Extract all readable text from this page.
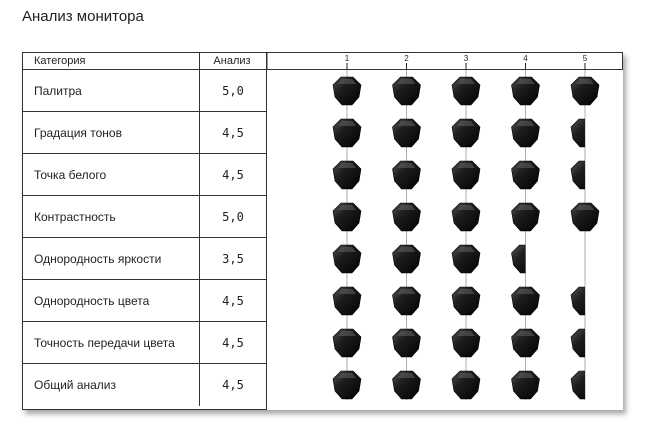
Анализ монитора
Категория	Анализ
Палитра	5,0
Градация тонов	4,5
Точка белого	4,5
Контрастность	5,0
Однородность яркости	3,5
Однородность цвета	4,5
Точность передачи цвета	4,5
Общий анализ	4,5
1	2	3	4	5
